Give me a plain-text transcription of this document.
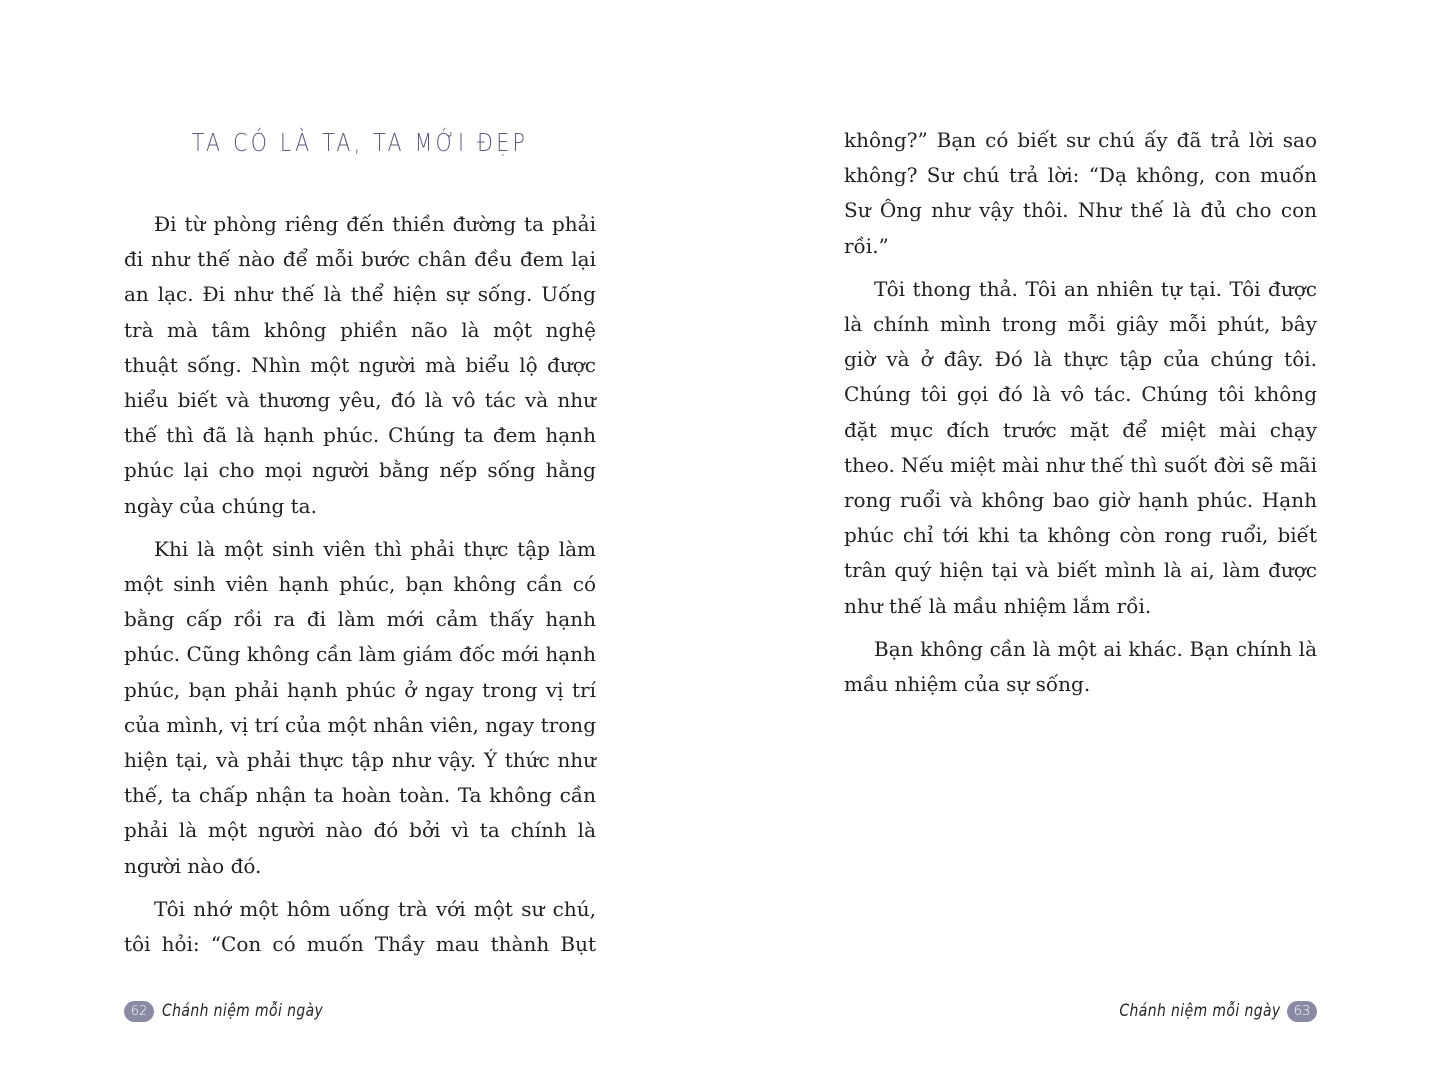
TA CÓ LÀ TA, TA MỚI ĐẸP

Đi từ phòng riêng đến thiền đường ta phải đi như thế nào để mỗi bước chân đều đem lại an lạc. Đi như thế là thể hiện sự sống. Uống trà mà tâm không phiền não là một nghệ thuật sống. Nhìn một người mà biểu lộ được hiểu biết và thương yêu, đó là vô tác và như thế thì đã là hạnh phúc. Chúng ta đem hạnh phúc lại cho mọi người bằng nếp sống hằng ngày của chúng ta.

Khi là một sinh viên thì phải thực tập làm một sinh viên hạnh phúc, bạn không cần có bằng cấp rồi ra đi làm mới cảm thấy hạnh phúc. Cũng không cần làm giám đốc mới hạnh phúc, bạn phải hạnh phúc ở ngay trong vị trí của mình, vị trí của một nhân viên, ngay trong hiện tại, và phải thực tập như vậy. Ý thức như thế, ta chấp nhận ta hoàn toàn. Ta không cần phải là một người nào đó bởi vì ta chính là người nào đó.

Tôi nhớ một hôm uống trà với một sư chú, tôi hỏi: “Con có muốn Thầy mau thành Bụt

62 Chánh niệm mỗi ngày

không?” Bạn có biết sư chú ấy đã trả lời sao không? Sư chú trả lời: “Dạ không, con muốn Sư Ông như vậy thôi. Như thế là đủ cho con rồi.”

Tôi thong thả. Tôi an nhiên tự tại. Tôi được là chính mình trong mỗi giây mỗi phút, bây giờ và ở đây. Đó là thực tập của chúng tôi. Chúng tôi gọi đó là vô tác. Chúng tôi không đặt mục đích trước mặt để miệt mài chạy theo. Nếu miệt mài như thế thì suốt đời sẽ mãi rong ruổi và không bao giờ hạnh phúc. Hạnh phúc chỉ tới khi ta không còn rong ruổi, biết trân quý hiện tại và biết mình là ai, làm được như thế là mầu nhiệm lắm rồi.

Bạn không cần là một ai khác. Bạn chính là mầu nhiệm của sự sống.

Chánh niệm mỗi ngày 63
